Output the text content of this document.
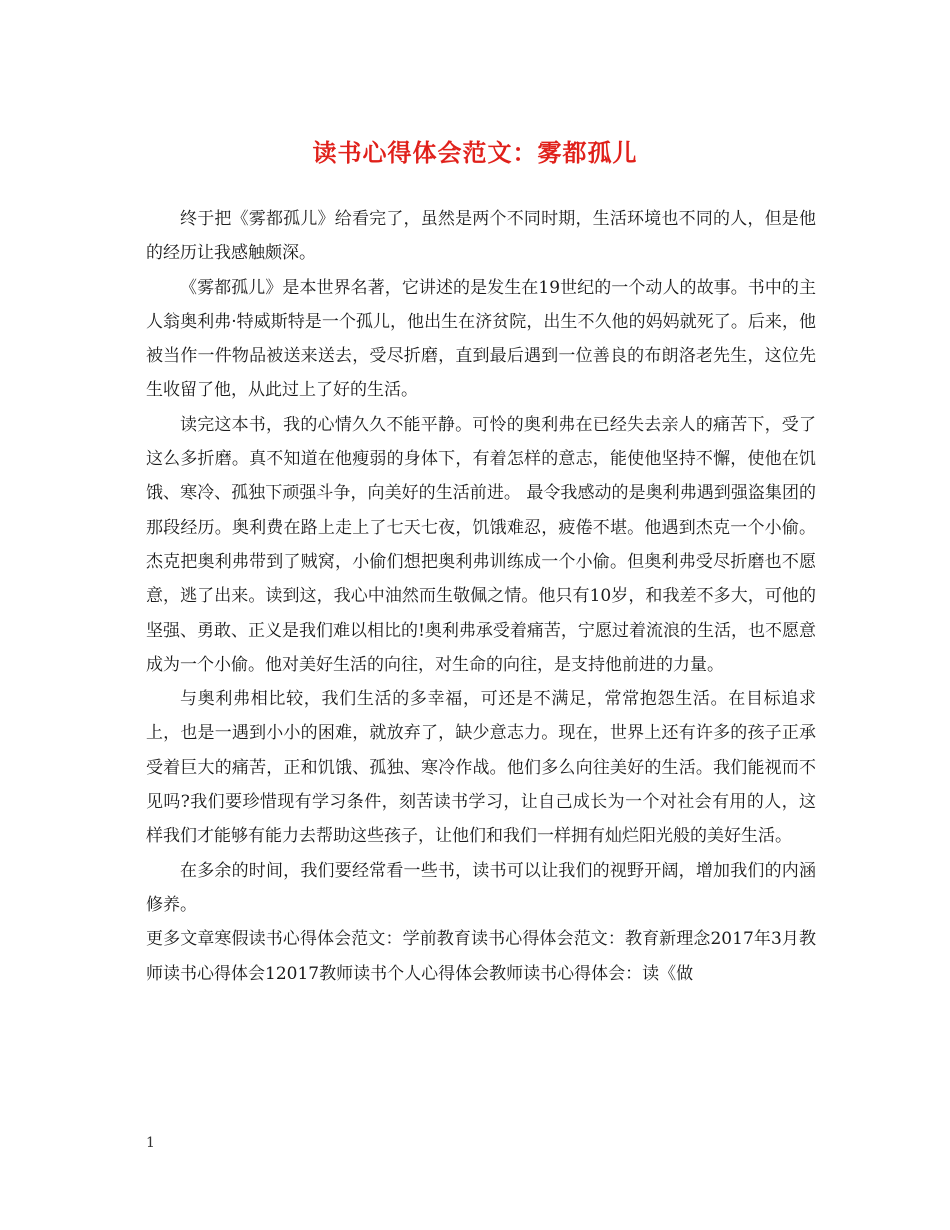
读书心得体会范文：雾都孤儿

终于把《雾都孤儿》给看完了，虽然是两个不同时期，生活环境也不同的人，但是他的经历让我感触颇深。

《雾都孤儿》是本世界名著，它讲述的是发生在19世纪的一个动人的故事。书中的主人翁奥利弗·特威斯特是一个孤儿，他出生在济贫院，出生不久他的妈妈就死了。后来，他被当作一件物品被送来送去，受尽折磨，直到最后遇到一位善良的布朗洛老先生，这位先生收留了他，从此过上了好的生活。

读完这本书，我的心情久久不能平静。可怜的奥利弗在已经失去亲人的痛苦下，受了这么多折磨。真不知道在他瘦弱的身体下，有着怎样的意志，能使他坚持不懈，使他在饥饿、寒冷、孤独下顽强斗争，向美好的生活前进。 最令我感动的是奥利弗遇到强盗集团的那段经历。奥利费在路上走上了七天七夜，饥饿难忍，疲倦不堪。他遇到杰克一个小偷。杰克把奥利弗带到了贼窝，小偷们想把奥利弗训练成一个小偷。但奥利弗受尽折磨也不愿意，逃了出来。读到这，我心中油然而生敬佩之情。他只有10岁，和我差不多大，可他的坚强、勇敢、正义是我们难以相比的!奥利弗承受着痛苦，宁愿过着流浪的生活，也不愿意成为一个小偷。他对美好生活的向往，对生命的向往，是支持他前进的力量。

与奥利弗相比较，我们生活的多幸福，可还是不满足，常常抱怨生活。在目标追求上，也是一遇到小小的困难，就放弃了，缺少意志力。现在，世界上还有许多的孩子正承受着巨大的痛苦，正和饥饿、孤独、寒冷作战。他们多么向往美好的生活。我们能视而不见吗?我们要珍惜现有学习条件，刻苦读书学习，让自己成长为一个对社会有用的人，这样我们才能够有能力去帮助这些孩子，让他们和我们一样拥有灿烂阳光般的美好生活。

在多余的时间，我们要经常看一些书，读书可以让我们的视野开阔，增加我们的内涵修养。

更多文章寒假读书心得体会范文：学前教育读书心得体会范文：教育新理念2017年3月教师读书心得体会12017教师读书个人心得体会教师读书心得体会：读《做

1
